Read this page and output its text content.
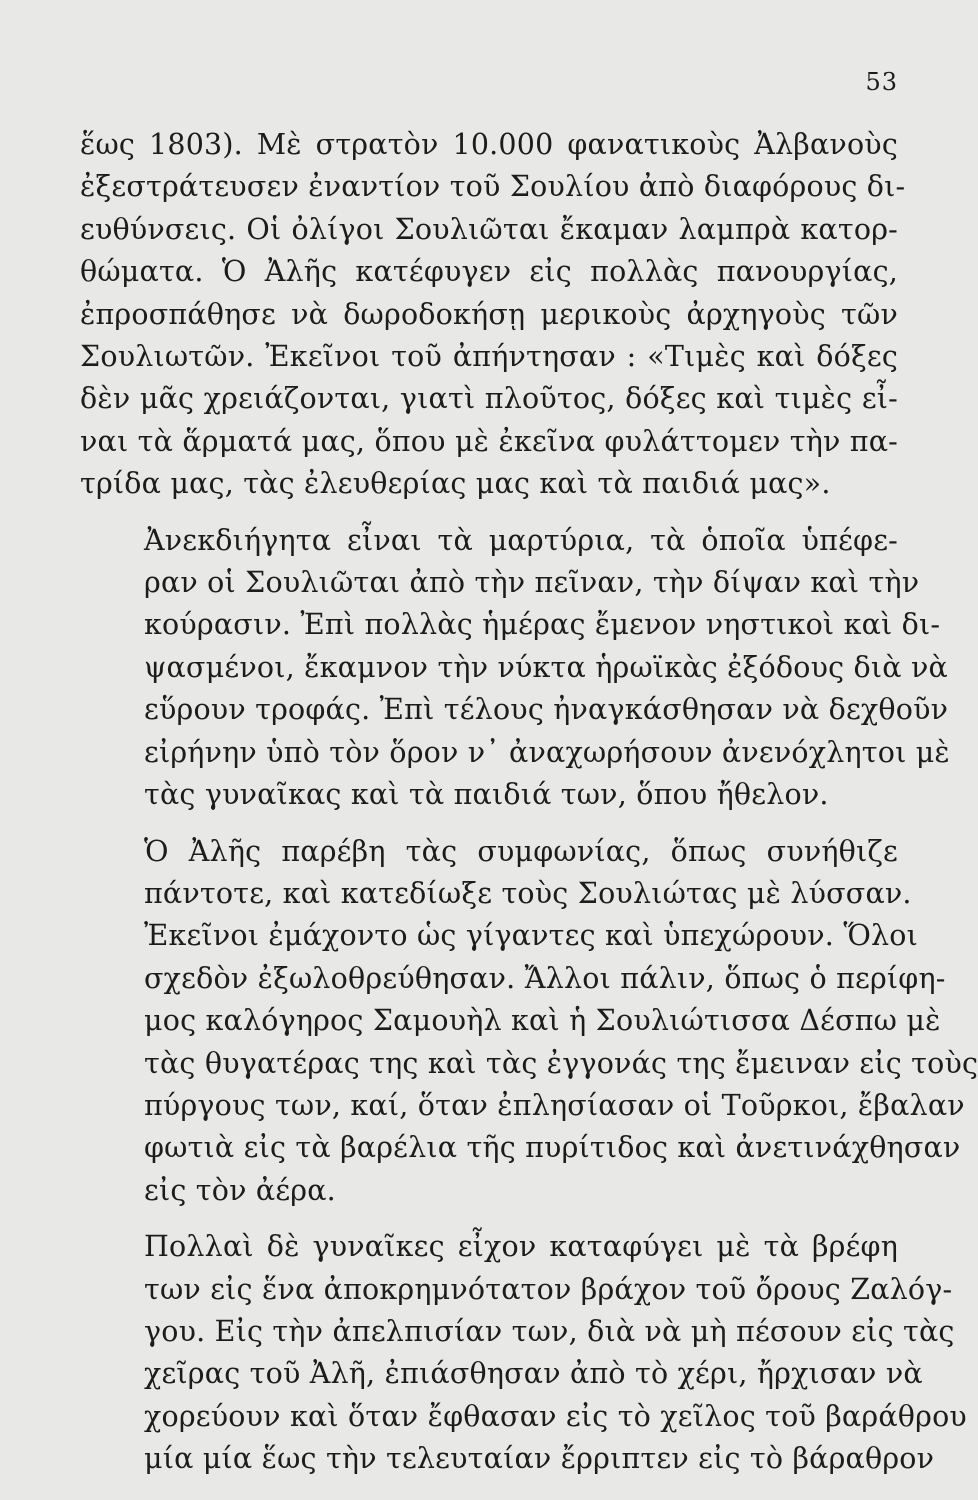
53

ἕως 1803). Μὲ στρατὸν 10.000 φανατικοὺς Ἀλβανοὺς
ἐξεστράτευσεν ἐναντίον τοῦ Σουλίου ἀπὸ διαφόρους δι-
ευθύνσεις. Οἱ ὀλίγοι Σουλιῶται ἔκαμαν λαμπρὰ κατορ-
θώματα. Ὁ Ἀλῆς κατέφυγεν εἰς πολλὰς πανουργίας,
ἐπροσπάθησε νὰ δωροδοκήσῃ μερικοὺς ἀρχηγοὺς τῶν
Σουλιωτῶν. Ἐκεῖνοι τοῦ ἀπήντησαν : «Τιμὲς καὶ δόξες
δὲν μᾶς χρειάζονται, γιατὶ πλοῦτος, δόξες καὶ τιμὲς εἶ-
ναι τὰ ἅρματά μας, ὅπου μὲ ἐκεῖνα φυλάττομεν τὴν πα-
τρίδα μας, τὰς ἐλευθερίας μας καὶ τὰ παιδιά μας».

Ἀνεκδιήγητα εἶναι τὰ μαρτύρια, τὰ ὁποῖα ὑπέφε-
ραν οἱ Σουλιῶται ἀπὸ τὴν πεῖναν, τὴν δίψαν καὶ τὴν
κούρασιν. Ἐπὶ πολλὰς ἡμέρας ἔμενον νηστικοὶ καὶ δι-
ψασμένοι, ἔκαμνον τὴν νύκτα ἡρωϊκὰς ἐξόδους διὰ νὰ
εὕρουν τροφάς. Ἐπὶ τέλους ἠναγκάσθησαν νὰ δεχθοῦν
εἰρήνην ὑπὸ τὸν ὅρον ν᾽ ἀναχωρήσουν ἀνενόχλητοι μὲ
τὰς γυναῖκας καὶ τὰ παιδιά των, ὅπου ἤθελον.

Ὁ Ἀλῆς παρέβη τὰς συμφωνίας, ὅπως συνήθιζε
πάντοτε, καὶ κατεδίωξε τοὺς Σουλιώτας μὲ λύσσαν.
Ἐκεῖνοι ἐμάχοντο ὡς γίγαντες καὶ ὑπεχώρουν. Ὅλοι
σχεδὸν ἐξωλοθρεύθησαν. Ἄλλοι πάλιν, ὅπως ὁ περίφη-
μος καλόγηρος Σαμουὴλ καὶ ἡ Σουλιώτισσα Δέσπω μὲ
τὰς θυγατέρας της καὶ τὰς ἐγγονάς της ἔμειναν εἰς τοὺς
πύργους των, καί, ὅταν ἐπλησίασαν οἱ Τοῦρκοι, ἔβαλαν
φωτιὰ εἰς τὰ βαρέλια τῆς πυρίτιδος καὶ ἀνετινάχθησαν
εἰς τὸν ἀέρα.

Πολλαὶ δὲ γυναῖκες εἶχον καταφύγει μὲ τὰ βρέφη
των εἰς ἕνα ἀποκρημνότατον βράχον τοῦ ὄρους Ζαλόγ-
γου. Εἰς τὴν ἀπελπισίαν των, διὰ νὰ μὴ πέσουν εἰς τὰς
χεῖρας τοῦ Ἀλῆ, ἐπιάσθησαν ἀπὸ τὸ χέρι, ἤρχισαν νὰ
χορεύουν καὶ ὅταν ἔφθασαν εἰς τὸ χεῖλος τοῦ βαράθρου
μία μία ἕως τὴν τελευταίαν ἔρριπτεν εἰς τὸ βάραθρον
